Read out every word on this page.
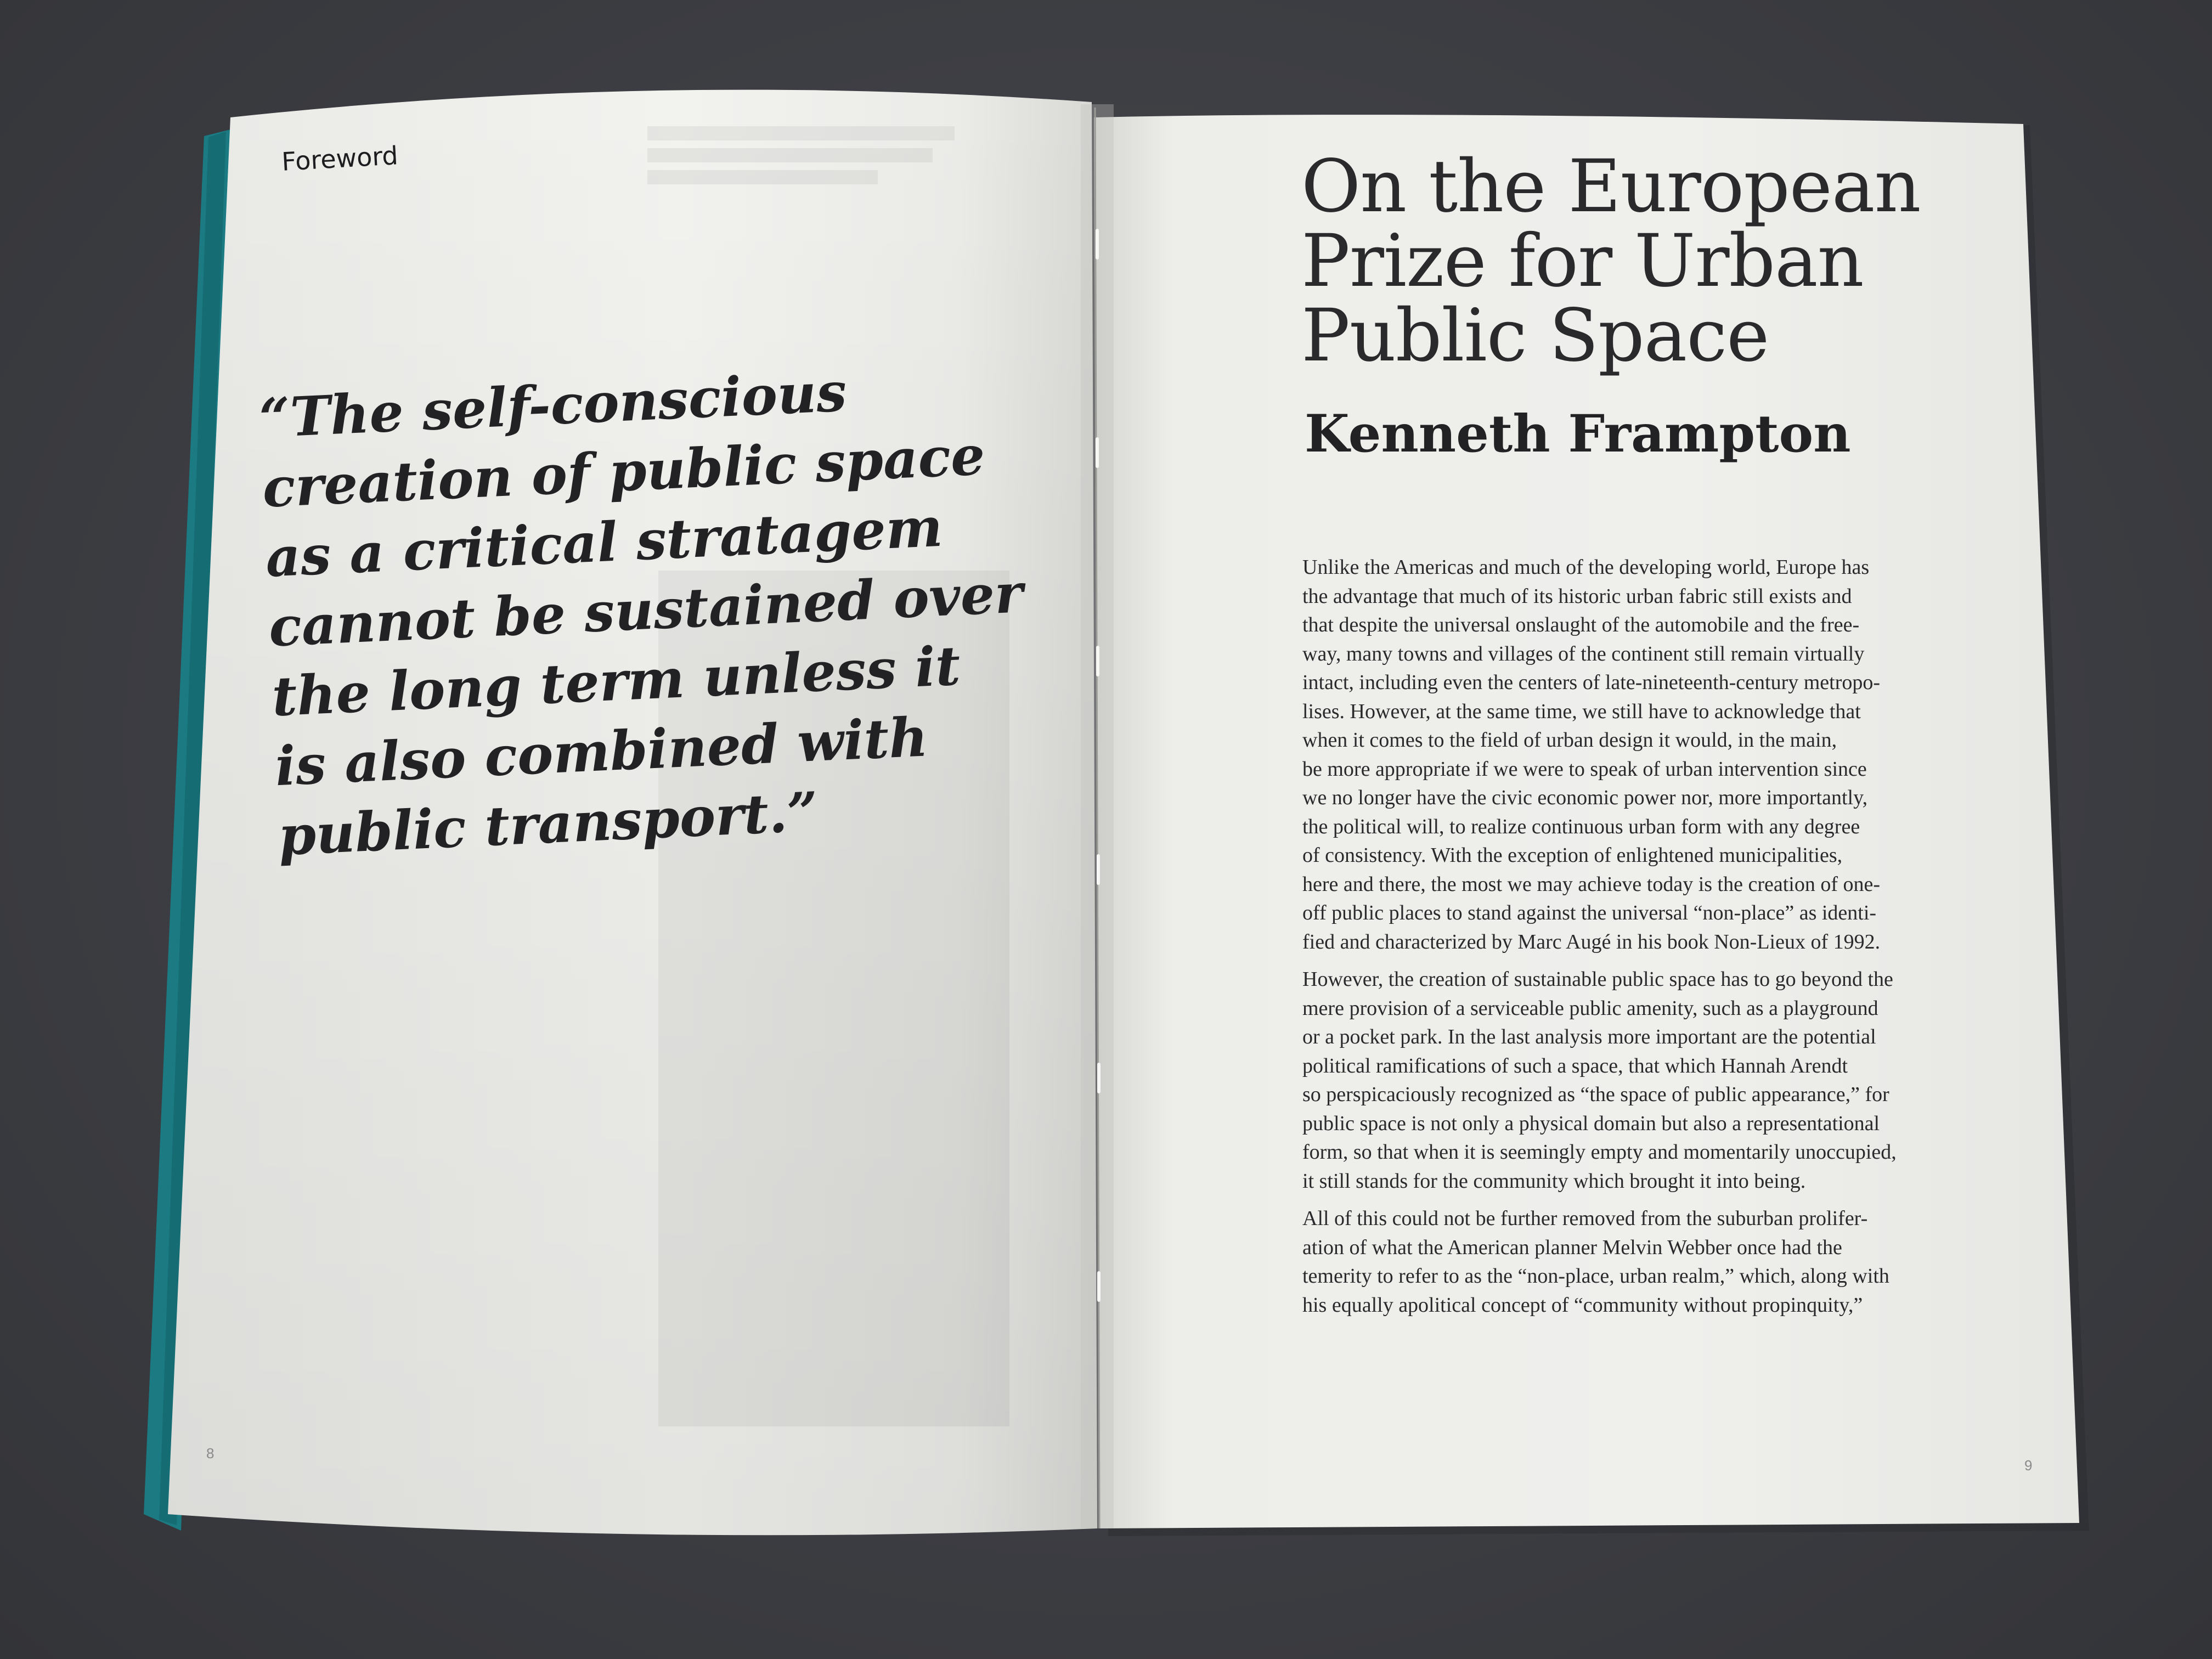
Foreword
“The self-conscious
creation of public space
as a critical stratagem
cannot be sustained over
the long term unless it
is also combined with
public transport.”
8
On the European
Prize for Urban
Public Space
Kenneth Frampton
Unlike the Americas and much of the developing world, Europe has
the advantage that much of its historic urban fabric still exists and
that despite the universal onslaught of the automobile and the free-
way, many towns and villages of the continent still remain virtually
intact, including even the centers of late-nineteenth-century metropo-
lises. However, at the same time, we still have to acknowledge that
when it comes to the field of urban design it would, in the main,
be more appropriate if we were to speak of urban intervention since
we no longer have the civic economic power nor, more importantly,
the political will, to realize continuous urban form with any degree
of consistency. With the exception of enlightened municipalities,
here and there, the most we may achieve today is the creation of one-
off public places to stand against the universal “non-place” as identi-
fied and characterized by Marc Augé in his book Non-Lieux of 1992.
However, the creation of sustainable public space has to go beyond the
mere provision of a serviceable public amenity, such as a playground
or a pocket park. In the last analysis more important are the potential
political ramifications of such a space, that which Hannah Arendt
so perspicaciously recognized as “the space of public appearance,” for
public space is not only a physical domain but also a representational
form, so that when it is seemingly empty and momentarily unoccupied,
it still stands for the community which brought it into being.
All of this could not be further removed from the suburban prolifer-
ation of what the American planner Melvin Webber once had the
temerity to refer to as the “non-place, urban realm,” which, along with
his equally apolitical concept of “community without propinquity,”
9
